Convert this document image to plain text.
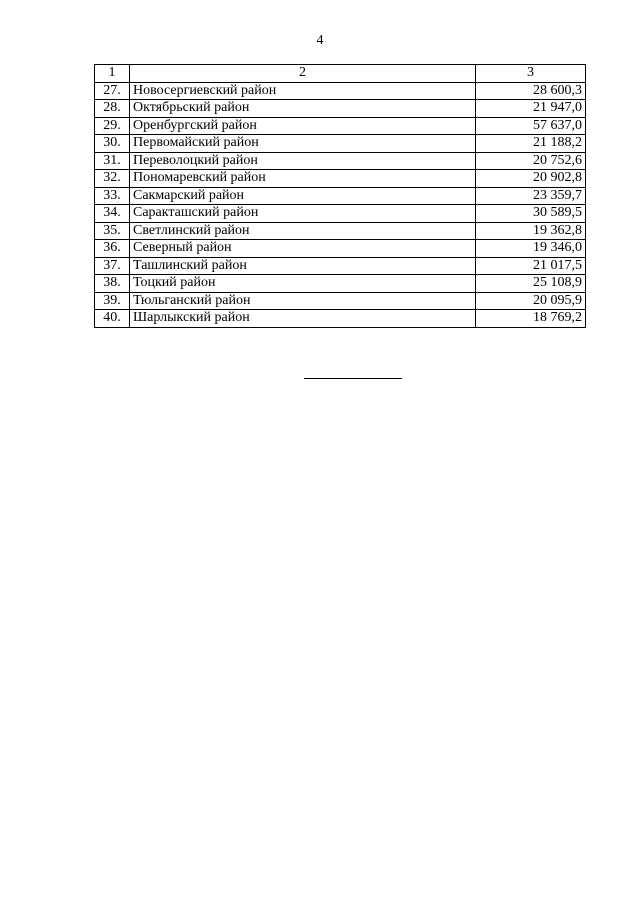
4
1	2	3
27.	Новосергиевский район	28 600,3
28.	Октябрьский район	21 947,0
29.	Оренбургский район	57 637,0
30.	Первомайский район	21 188,2
31.	Переволоцкий район	20 752,6
32.	Пономаревский район	20 902,8
33.	Сакмарский район	23 359,7
34.	Саракташский район	30 589,5
35.	Светлинский район	19 362,8
36.	Северный район	19 346,0
37.	Ташлинский район	21 017,5
38.	Тоцкий район	25 108,9
39.	Тюльганский район	20 095,9
40.	Шарлыкский район	18 769,2
